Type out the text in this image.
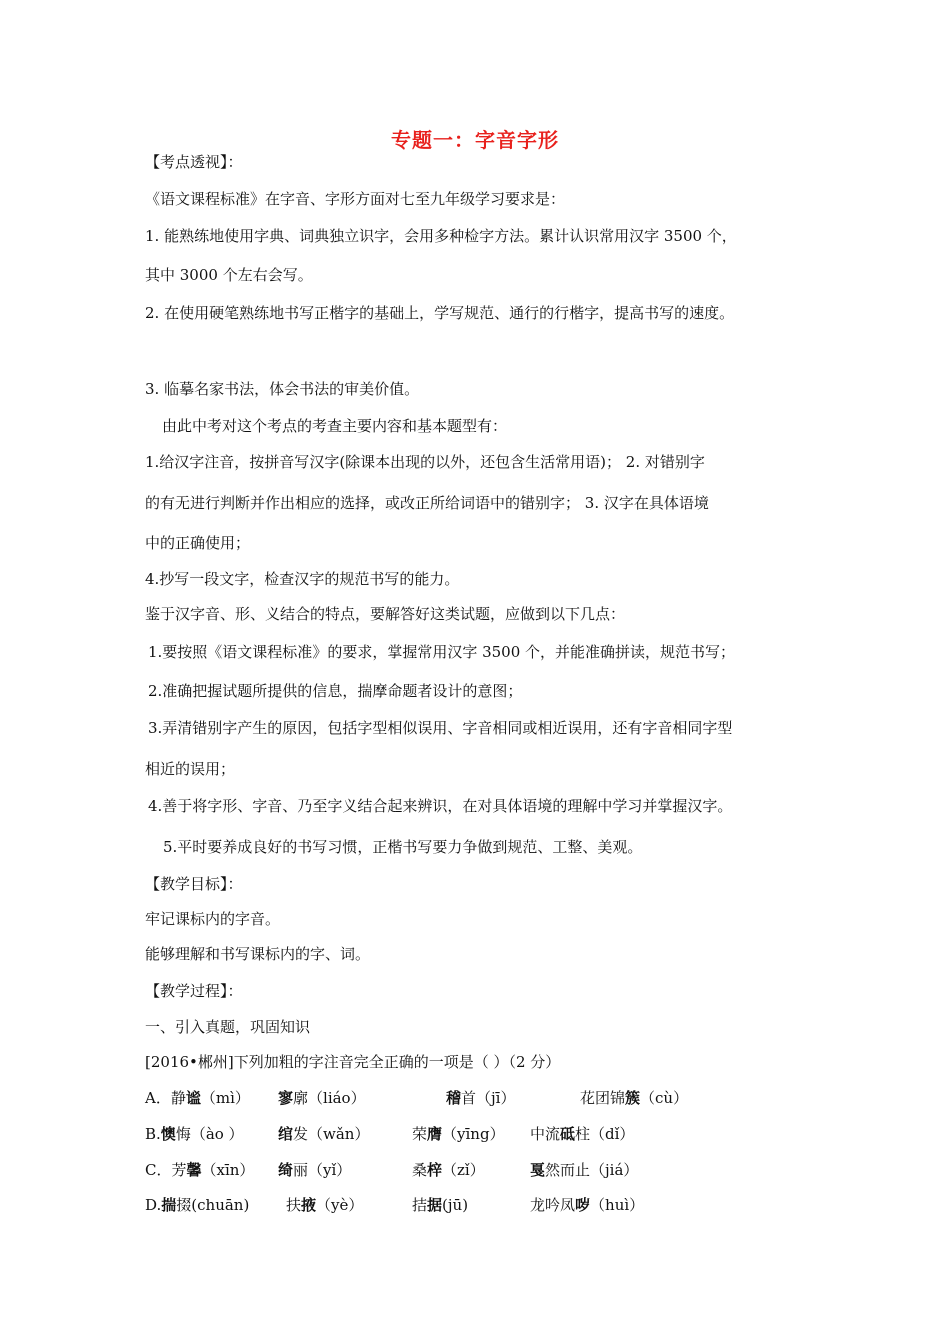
专题一：字音字形
【考点透视】：
《语文课程标准》在字音、字形方面对七至九年级学习要求是：
1. 能熟练地使用字典、词典独立识字，会用多种检字方法。累计认识常用汉字 3500 个，
其中 3000 个左右会写。
2. 在使用硬笔熟练地书写正楷字的基础上，学写规范、通行的行楷字，提高书写的速度。
3. 临摹名家书法，体会书法的审美价值。
由此中考对这个考点的考查主要内容和基本题型有：
1.给汉字注音，按拼音写汉字(除课本出现的以外，还包含生活常用语)； 2. 对错别字
的有无进行判断并作出相应的选择，或改正所给词语中的错别字； 3. 汉字在具体语境
中的正确使用；
4.抄写一段文字，检查汉字的规范书写的能力。
鉴于汉字音、形、义结合的特点，要解答好这类试题，应做到以下几点：
1.要按照《语文课程标准》的要求，掌握常用汉字 3500 个，并能准确拼读，规范书写；
2.准确把握试题所提供的信息，揣摩命题者设计的意图；
3.弄清错别字产生的原因，包括字型相似误用、字音相同或相近误用，还有字音相同字型
相近的误用；
4.善于将字形、字音、乃至字义结合起来辨识，在对具体语境的理解中学习并掌握汉字。
5.平时要养成良好的书写习惯，正楷书写要力争做到规范、工整、美观。
【教学目标】：
牢记课标内的字音。
能够理解和书写课标内的字、词。
【教学过程】：
一、引入真题，巩固知识
[2016•郴州]下列加粗的字注音完全正确的一项是（ ）（2 分）
A．静谧（mì） 寥廓（liáo）	稽首（jī）	花团锦簇（cù）
B.懊悔（ào ） 绾发（wǎn）	荣膺（yīng） 中流砥柱（dǐ）
C．芳馨（xīn） 绮丽（yǐ）	桑梓（zǐ）	戛然而止（jiá）
D.揣掇(chuān) 扶掖（yè）	拮据(jū)	龙吟凤哕（huì）
